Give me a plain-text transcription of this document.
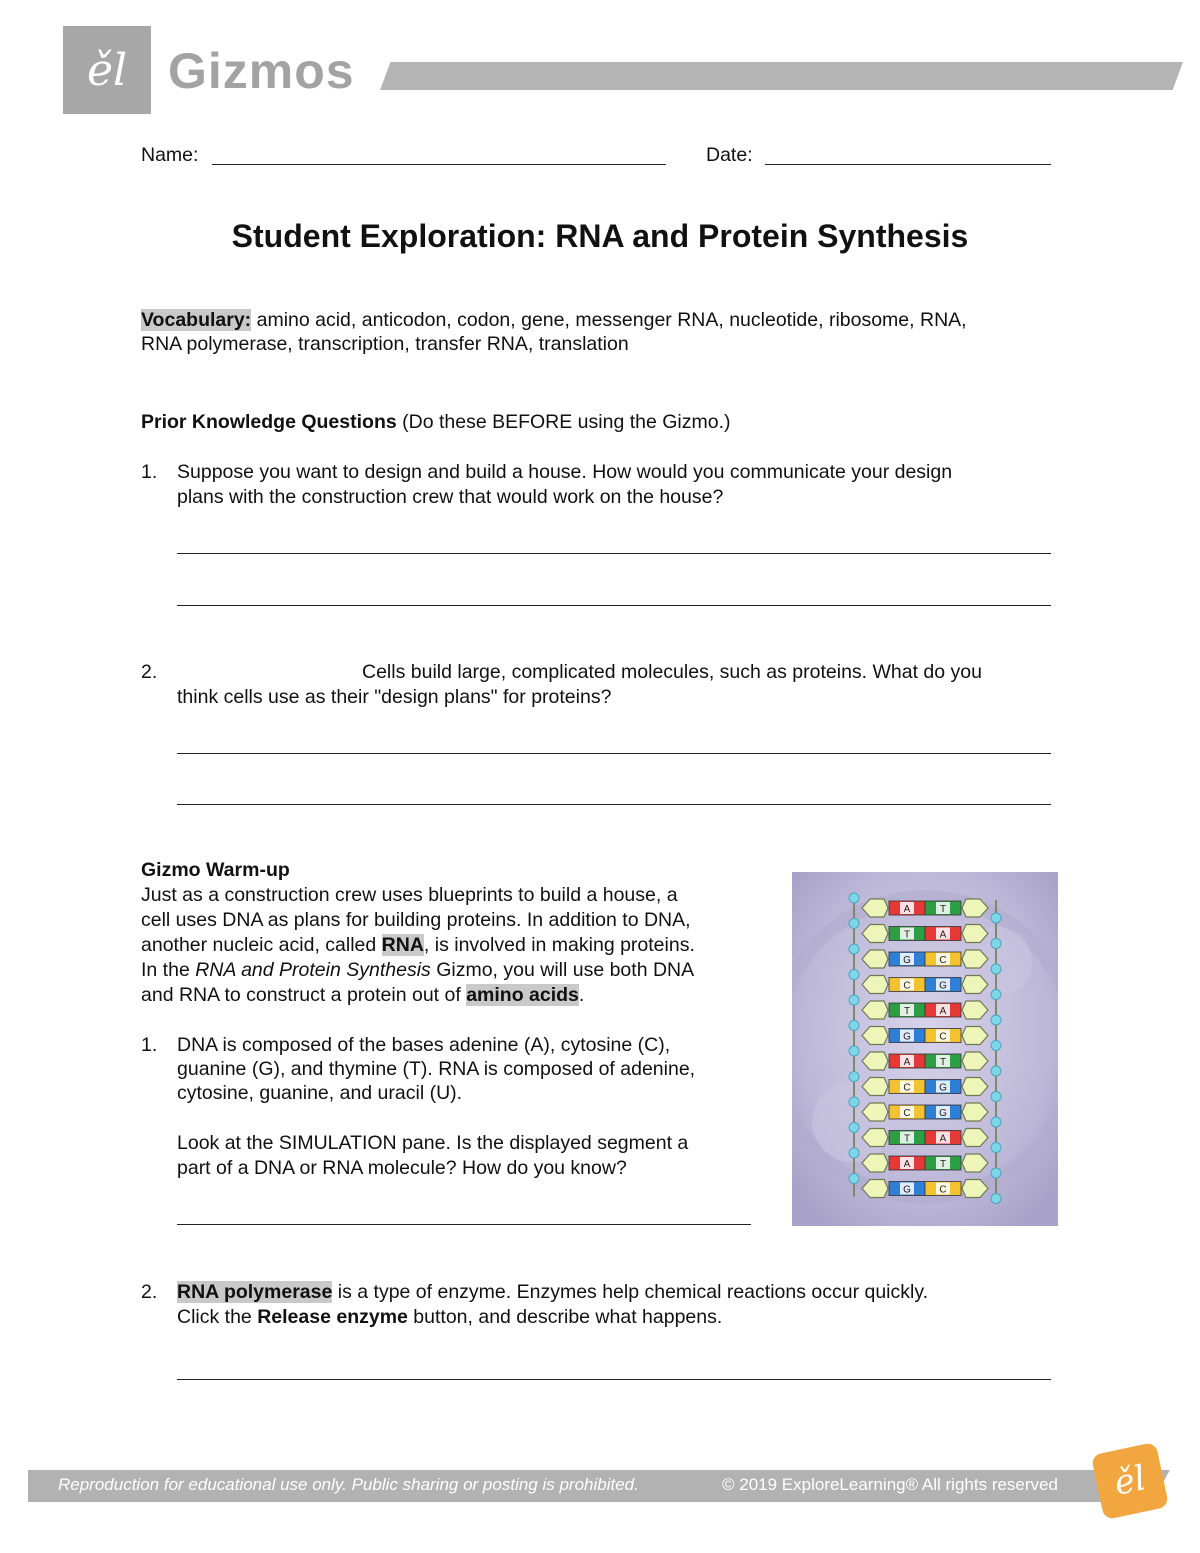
ěl Gizmos
Name:	Date:
Student Exploration: RNA and Protein Synthesis
Vocabulary: amino acid, anticodon, codon, gene, messenger RNA, nucleotide, ribosome, RNA,
RNA polymerase, transcription, transfer RNA, translation
Prior Knowledge Questions (Do these BEFORE using the Gizmo.)
1. Suppose you want to design and build a house. How would you communicate your design
plans with the construction crew that would work on the house?
2.	Cells build large, complicated molecules, such as proteins. What do you
think cells use as their "design plans" for proteins?
Gizmo Warm-up
Just as a construction crew uses blueprints to build a house, a
cell uses DNA as plans for building proteins. In addition to DNA,
another nucleic acid, called RNA, is involved in making proteins.
In the RNA and Protein Synthesis Gizmo, you will use both DNA
and RNA to construct a protein out of amino acids.
1. DNA is composed of the bases adenine (A), cytosine (C),
guanine (G), and thymine (T). RNA is composed of adenine,
cytosine, guanine, and uracil (U).
Look at the SIMULATION pane. Is the displayed segment a
part of a DNA or RNA molecule? How do you know?
A	T
T	A
G	C
C	G
T	A
G	C
A	T
C	G
C	G
T	A
A	T
G	C
2. RNA polymerase is a type of enzyme. Enzymes help chemical reactions occur quickly.
Click the Release enzyme button, and describe what happens.
Reproduction for educational use only. Public sharing or posting is prohibited.	© 2019 ExploreLearning® All rights reserved	ěl
